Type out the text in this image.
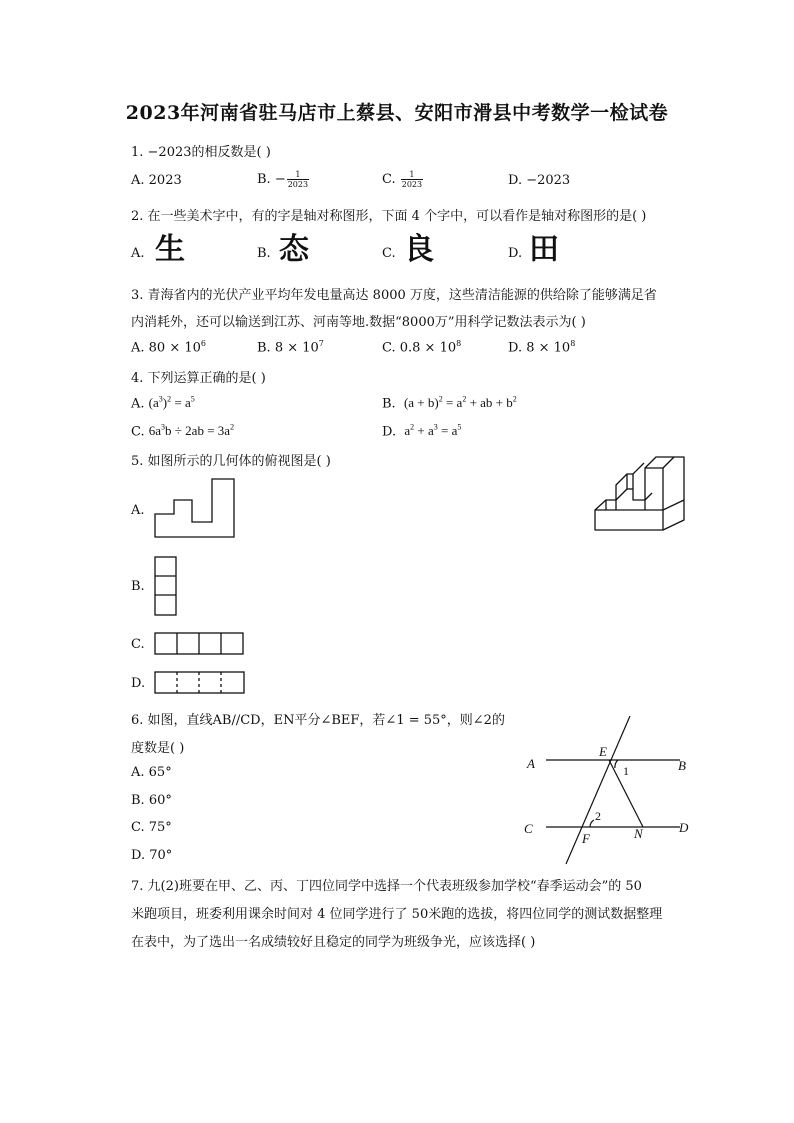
2023年河南省驻马店市上蔡县、安阳市滑县中考数学一检试卷
1. −2023的相反数是( )
A. 2023	B. − $\frac{1}{2023}$	C. $\frac{1}{2023}$	D. −2023
2. 在一些美术字中，有的字是轴对称图形，下面 4 个字中，可以看作是轴对称图形的是( )
A. 生	B. 态	C. 良	D. 田
3. 青海省内的光伏产业平均年发电量高达 8000 万度，这些清洁能源的供给除了能够满足省
内消耗外，还可以输送到江苏、河南等地.数据“8000万”用科学记数法表示为( )
A. $80 \times 10^6$	B. $8 \times 10^7$	C. $0.8 \times 10^8$	D. $8 \times 10^8$
4. 下列运算正确的是( )
A. $(a^3)^2 = a^5$	B. $(a + b)^2 = a^2$ + ab + $b^2$
C. $6a^3b \div 2ab = 3a^2$	D. $a^2 + a^3 = a^5$
5. 如图所示的几何体的俯视图是( )
A.
B.
C.
D.
6. 如图，直线AB//CD，EN平分∠BEF，若∠1 = 55°，则∠2的
度数是( )
A. 65°
B. 60°
C. 75°
D. 70°
A	B
C	D
E
F	N
1
2
7. 九(2)班要在甲、乙、丙、丁四位同学中选择一个代表班级参加学校“春季运动会”的 50
米跑项目，班委利用课余时间对 4 位同学进行了 50米跑的选拔，将四位同学的测试数据整理
在表中，为了选出一名成绩较好且稳定的同学为班级争光，应该选择( )
